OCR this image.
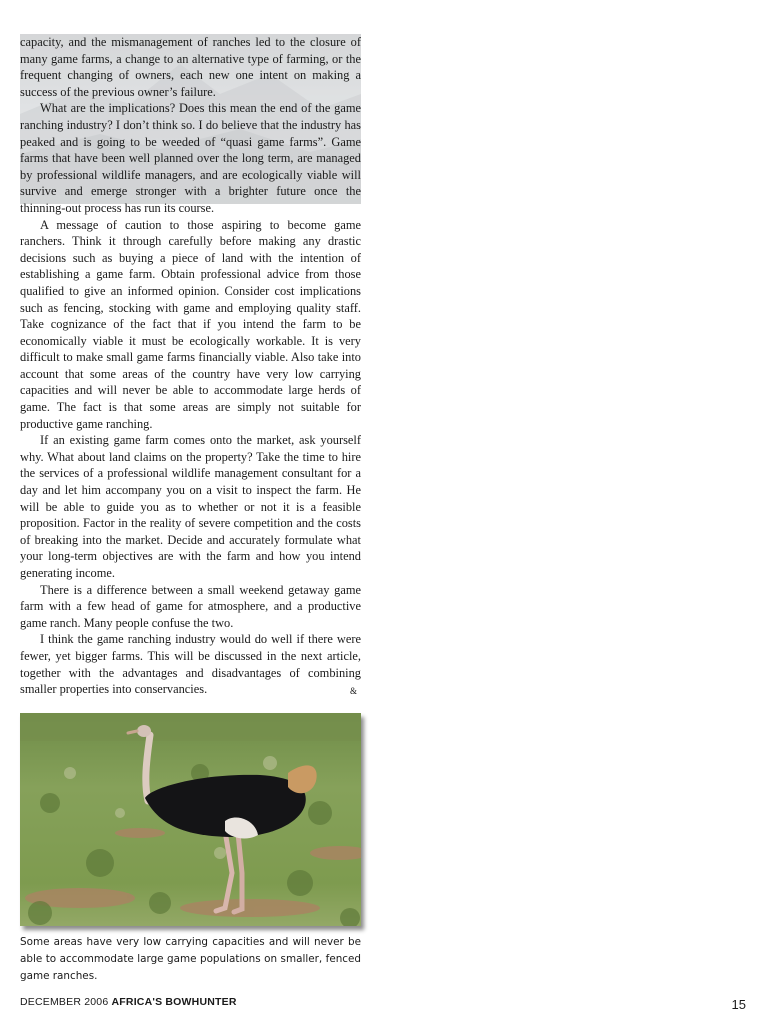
capacity, and the mismanagement of ranches led to the closure of many game farms, a change to an alternative type of farming, or the frequent changing of owners, each new one intent on making a success of the previous owner’s failure.

What are the implications? Does this mean the end of the game ranching industry? I don’t think so. I do believe that the industry has peaked and is going to be weeded of “quasi game farms”. Game farms that have been well planned over the long term, are managed by professional wildlife managers, and are ecologically viable will survive and emerge stronger with a brighter future once the thinning-out process has run its course.

A message of caution to those aspiring to become game ranchers. Think it through carefully before making any drastic decisions such as buying a piece of land with the intention of establishing a game farm. Obtain professional advice from those qualified to give an informed opinion. Consider cost implications such as fencing, stocking with game and employing quality staff. Take cognizance of the fact that if you intend the farm to be economically viable it must be ecologically workable. It is very difficult to make small game farms financially viable. Also take into account that some areas of the country have very low carrying capacities and will never be able to accommodate large herds of game. The fact is that some areas are simply not suitable for productive game ranching.

If an existing game farm comes onto the market, ask yourself why. What about land claims on the property? Take the time to hire the services of a professional wildlife management consultant for a day and let him accompany you on a visit to inspect the farm. He will be able to guide you as to whether or not it is a feasible proposition. Factor in the reality of severe competition and the costs of breaking into the market. Decide and accurately formulate what your long-term objectives are with the farm and how you intend generating income.

There is a difference between a small weekend getaway game farm with a few head of game for atmosphere, and a productive game ranch. Many people confuse the two.

I think the game ranching industry would do well if there were fewer, yet bigger farms. This will be discussed in the next article, together with the advantages and disadvantages of combining smaller properties into conservancies.	&

Some areas have very low carrying capacities and will never be able to accommodate large game populations on smaller, fenced game ranches.

DECEMBER 2006 AFRICA'S BOWHUNTER	15
